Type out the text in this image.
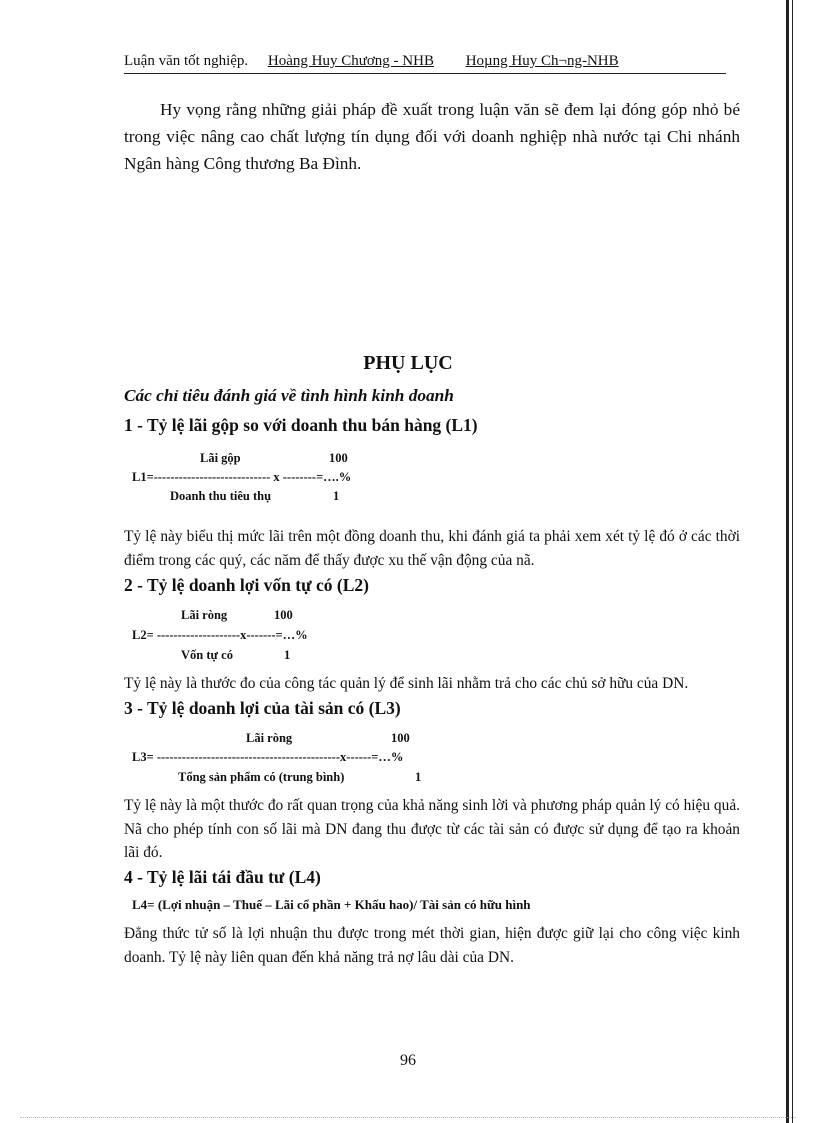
Luận văn tốt nghiệp. Hoàng Huy Chương - NHB Hoµng Huy Ch¬ng-NHB

Hy vọng rằng những giải pháp đề xuất trong luận văn sẽ đem lại đóng góp nhỏ bé trong việc nâng cao chất lượng tín dụng đối với doanh nghiệp nhà nước tại Chi nhánh Ngân hàng Công thương Ba Đình.

PHỤ LỤC
Các chỉ tiêu đánh giá về tình hình kinh doanh
1 - Tỷ lệ lãi gộp so với doanh thu bán hàng (L1)
Lãi gộp	100
L1=---------------------------- x --------=….%
Doanh thu tiêu thụ	1

Tỷ lệ này biểu thị mức lãi trên một đồng doanh thu, khi đánh giá ta phải xem xét tỷ lệ đó ở các thời điểm trong các quý, các năm để thấy được xu thế vận động của nã.

2 - Tỷ lệ doanh lợi vốn tự có (L2)
Lãi ròng	100
L2= --------------------x-------=…%
Vốn tự có	1

Tỷ lệ này là thước đo của công tác quản lý để sinh lãi nhằm trả cho các chủ sở hữu của DN.

3 - Tỷ lệ doanh lợi của tài sản có (L3)
Lãi ròng	100
L3= --------------------------------------------x------=…%
Tổng sản phẩm có (trung bình)	1

Tỷ lệ này là một thước đo rất quan trọng của khả năng sinh lời và phương pháp quản lý có hiệu quả. Nã cho phép tính con số lãi mà DN đang thu được từ các tài sản có được sử dụng để tạo ra khoản lãi đó.

4 - Tỷ lệ lãi tái đầu tư (L4)
L4= (Lợi nhuận – Thuế – Lãi cổ phần + Khấu hao)/ Tài sản có hữu hình

Đẳng thức tử số là lợi nhuận thu được trong mét thời gian, hiện được giữ lại cho công việc kinh doanh. Tỷ lệ này liên quan đến khả năng trả nợ lâu dài của DN.

96
